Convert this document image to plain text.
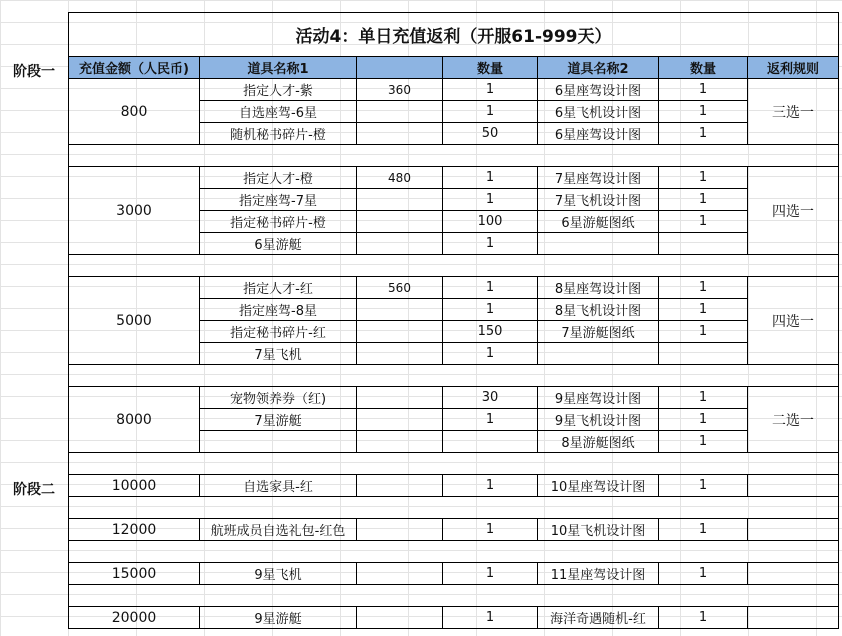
阶段一
阶段二
活动4：单日充值返利（开服61-999天）						
充值金额（人民币)	道具名称1		数量	道具名称2	数量	返利规则
800	指定人才-紫	360	1	6星座驾设计图	1	三选一
	自选座驾-6星		1	6星飞机设计图	1	
	随机秘书碎片-橙		50	6星座驾设计图	1	

3000	指定人才-橙	480	1	7星座驾设计图	1	四选一
	指定座驾-7星		1	7星飞机设计图	1	
	指定秘书碎片-橙		100	6星游艇图纸	1	
	6星游艇		1			

5000	指定人才-红	560	1	8星座驾设计图	1	四选一
	指定座驾-8星		1	8星飞机设计图	1	
	指定秘书碎片-红		150	7星游艇图纸	1	
	7星飞机		1			

8000	宠物领养券（红)		30	9星座驾设计图	1	二选一
	7星游艇		1	9星飞机设计图	1	
				8星游艇图纸	1	

10000	自选家具-红		1	10星座驾设计图	1	

12000	航班成员自选礼包-红色		1	10星飞机设计图	1	

15000	9星飞机		1	11星座驾设计图	1	

20000	9星游艇		1	海洋奇遇随机-红	1	
